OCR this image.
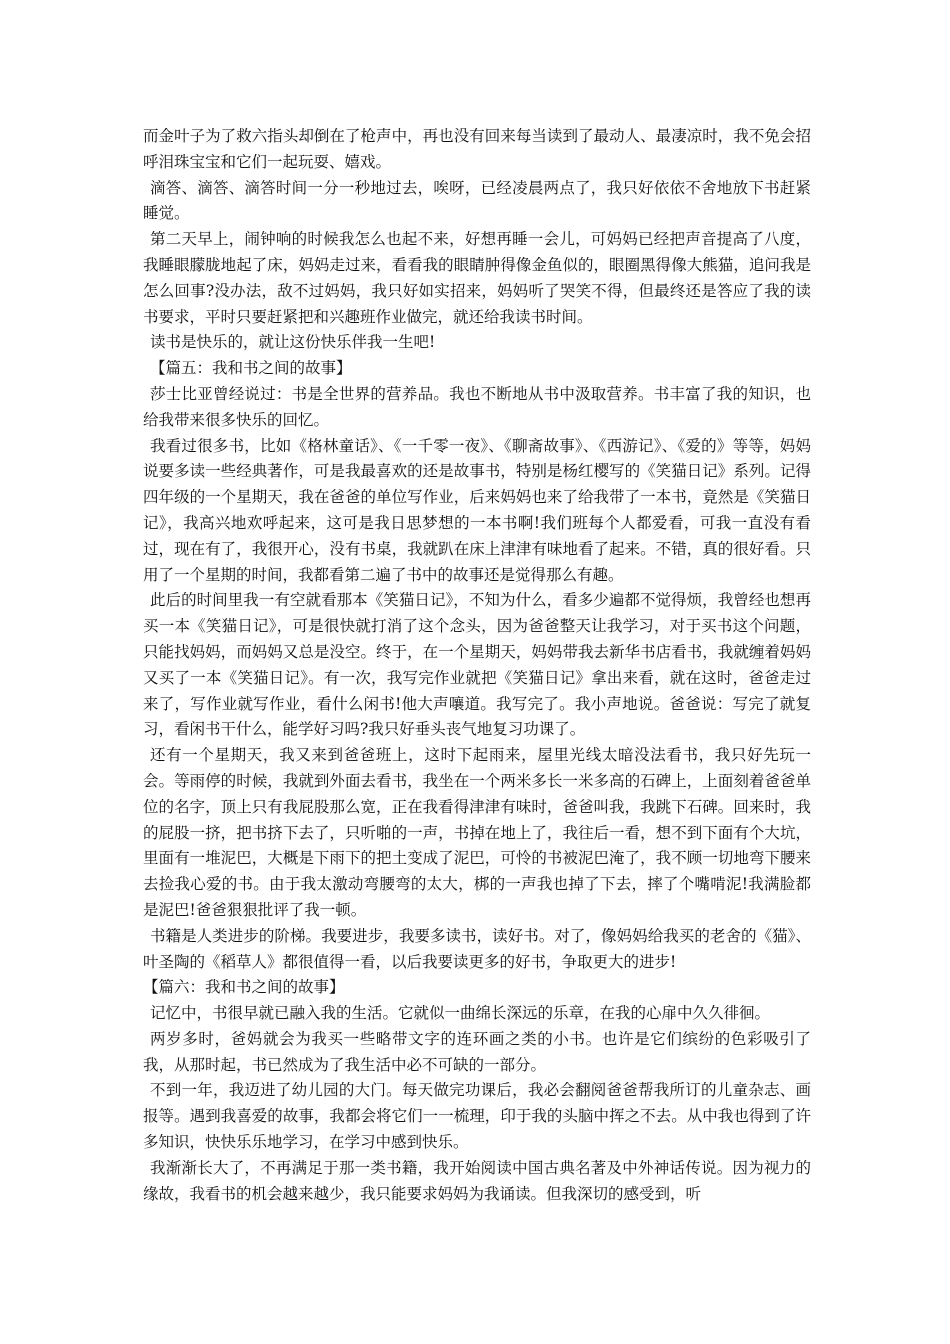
而金叶子为了救六指头却倒在了枪声中，再也没有回来每当读到了最动人、最凄凉时，我不免会招呼泪珠宝宝和它们一起玩耍、嬉戏。

滴答、滴答、滴答时间一分一秒地过去，唉呀，已经凌晨两点了，我只好依依不舍地放下书赶紧睡觉。

第二天早上，闹钟响的时候我怎么也起不来，好想再睡一会儿，可妈妈已经把声音提高了八度，我睡眼朦胧地起了床，妈妈走过来，看看我的眼睛肿得像金鱼似的，眼圈黑得像大熊猫，追问我是怎么回事?没办法，敌不过妈妈，我只好如实招来，妈妈听了哭笑不得，但最终还是答应了我的读书要求，平时只要赶紧把和兴趣班作业做完，就还给我读书时间。

读书是快乐的，就让这份快乐伴我一生吧!

【篇五：我和书之间的故事】

莎士比亚曾经说过：书是全世界的营养品。我也不断地从书中汲取营养。书丰富了我的知识，也给我带来很多快乐的回忆。

我看过很多书，比如《格林童话》、《一千零一夜》、《聊斋故事》、《西游记》、《爱的》等等，妈妈说要多读一些经典著作，可是我最喜欢的还是故事书，特别是杨红樱写的《笑猫日记》系列。记得四年级的一个星期天，我在爸爸的单位写作业，后来妈妈也来了给我带了一本书，竟然是《笑猫日记》，我高兴地欢呼起来，这可是我日思梦想的一本书啊!我们班每个人都爱看，可我一直没有看过，现在有了，我很开心，没有书桌，我就趴在床上津津有味地看了起来。不错，真的很好看。只用了一个星期的时间，我都看第二遍了书中的故事还是觉得那么有趣。

此后的时间里我一有空就看那本《笑猫日记》，不知为什么，看多少遍都不觉得烦，我曾经也想再买一本《笑猫日记》，可是很快就打消了这个念头，因为爸爸整天让我学习，对于买书这个问题，只能找妈妈，而妈妈又总是没空。终于，在一个星期天，妈妈带我去新华书店看书，我就缠着妈妈又买了一本《笑猫日记》。有一次，我写完作业就把《笑猫日记》拿出来看，就在这时，爸爸走过来了，写作业就写作业，看什么闲书!他大声嚷道。我写完了。我小声地说。爸爸说：写完了就复习，看闲书干什么，能学好习吗?我只好垂头丧气地复习功课了。

还有一个星期天，我又来到爸爸班上，这时下起雨来，屋里光线太暗没法看书，我只好先玩一会。等雨停的时候，我就到外面去看书，我坐在一个两米多长一米多高的石碑上，上面刻着爸爸单位的名字，顶上只有我屁股那么宽，正在我看得津津有味时，爸爸叫我，我跳下石碑。回来时，我的屁股一挤，把书挤下去了，只听啪的一声，书掉在地上了，我往后一看，想不到下面有个大坑，里面有一堆泥巴，大概是下雨下的把土变成了泥巴，可怜的书被泥巴淹了，我不顾一切地弯下腰来去捡我心爱的书。由于我太激动弯腰弯的太大，梆的一声我也掉了下去，摔了个嘴啃泥!我满脸都是泥巴!爸爸狠狠批评了我一顿。

书籍是人类进步的阶梯。我要进步，我要多读书，读好书。对了，像妈妈给我买的老舍的《猫》、叶圣陶的《稻草人》都很值得一看，以后我要读更多的好书，争取更大的进步!

【篇六：我和书之间的故事】

记忆中，书很早就已融入我的生活。它就似一曲绵长深远的乐章，在我的心扉中久久徘徊。

两岁多时，爸妈就会为我买一些略带文字的连环画之类的小书。也许是它们缤纷的色彩吸引了我，从那时起，书已然成为了我生活中必不可缺的一部分。

不到一年，我迈进了幼儿园的大门。每天做完功课后，我必会翻阅爸爸帮我所订的儿童杂志、画报等。遇到我喜爱的故事，我都会将它们一一梳理，印于我的头脑中挥之不去。从中我也得到了许多知识，快快乐乐地学习，在学习中感到快乐。

我渐渐长大了，不再满足于那一类书籍，我开始阅读中国古典名著及中外神话传说。因为视力的缘故，我看书的机会越来越少，我只能要求妈妈为我诵读。但我深切的感受到，听
